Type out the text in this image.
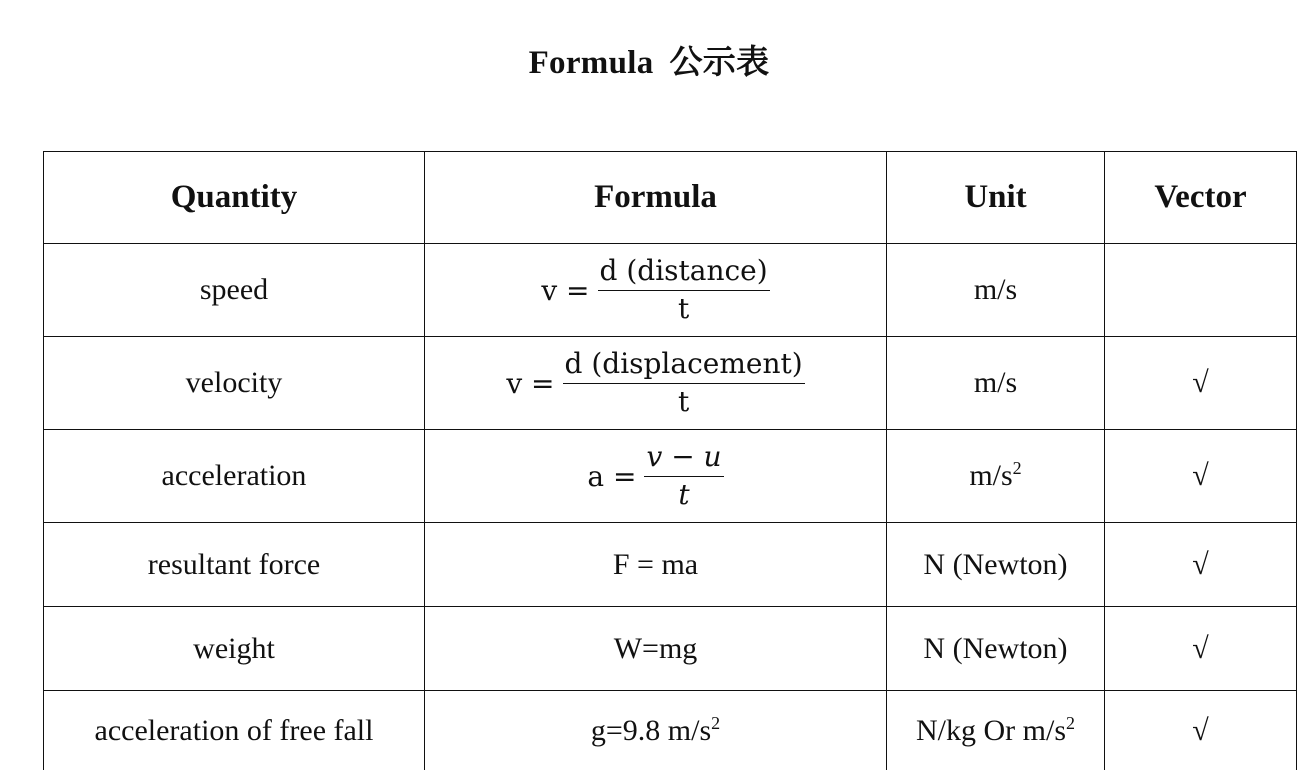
Formula 公示表
Quantity	Formula	Unit	Vector
speed	$v = \frac{\text{d (distance)}}{t}$	m/s	
velocity	$v = \frac{\text{d (displacement)}}{t}$	m/s	√
acceleration	$a = \frac{v - u}{t}$	$m/s^2$	√
resultant force	F = ma	N (Newton)	√
weight	W=mg	N (Newton)	√
acceleration of free fall	g=9.8 $m/s^2$	N/kg Or $m/s^2$	√
